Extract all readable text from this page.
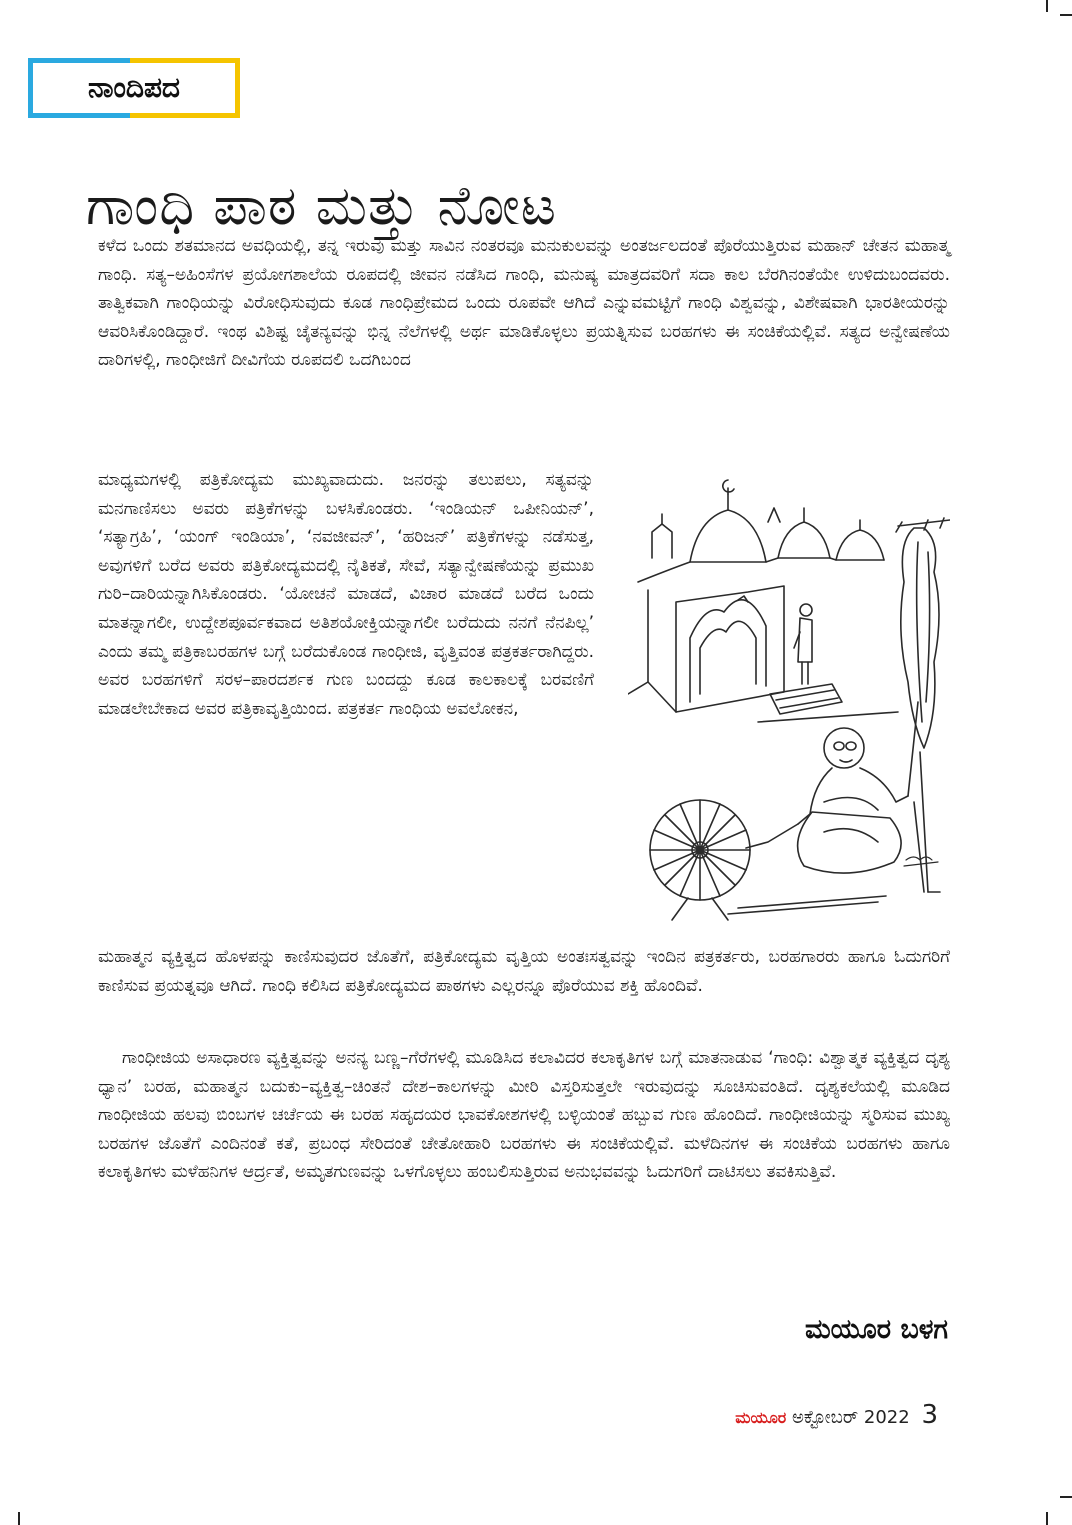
ನಾಂದಿಪದ
ಗಾಂಧಿ ಪಾಠ ಮತ್ತು ನೋಟ

ಕಳೆದ ಒಂದು ಶತಮಾನದ ಅವಧಿಯಲ್ಲಿ, ತನ್ನ ಇರುವು ಮತ್ತು ಸಾವಿನ ನಂತರವೂ ಮನುಕುಲವನ್ನು ಅಂತರ್ಜಲದಂತೆ ಪೊರೆಯುತ್ತಿರುವ ಮಹಾನ್ ಚೇತನ ಮಹಾತ್ಮ ಗಾಂಧಿ. ಸತ್ಯ–ಅಹಿಂಸೆಗಳ ಪ್ರಯೋಗಶಾಲೆಯ ರೂಪದಲ್ಲಿ ಜೀವನ ನಡೆಸಿದ ಗಾಂಧಿ, ಮನುಷ್ಯ ಮಾತ್ರದವರಿಗೆ ಸದಾ ಕಾಲ ಬೆರಗಿನಂತೆಯೇ ಉಳಿದುಬಂದವರು. ತಾತ್ವಿಕವಾಗಿ ಗಾಂಧಿಯನ್ನು ವಿರೋಧಿಸುವುದು ಕೂಡ ಗಾಂಧಿಪ್ರೇಮದ ಒಂದು ರೂಪವೇ ಆಗಿದೆ ಎನ್ನುವಮಟ್ಟಿಗೆ ಗಾಂಧಿ ವಿಶ್ವವನ್ನು, ವಿಶೇಷವಾಗಿ ಭಾರತೀಯರನ್ನು ಆವರಿಸಿಕೊಂಡಿದ್ದಾರೆ. ಇಂಥ ವಿಶಿಷ್ಟ ಚೈತನ್ಯವನ್ನು ಭಿನ್ನ ನೆಲೆಗಳಲ್ಲಿ ಅರ್ಥ ಮಾಡಿಕೊಳ್ಳಲು ಪ್ರಯತ್ನಿಸುವ ಬರಹಗಳು ಈ ಸಂಚಿಕೆಯಲ್ಲಿವೆ. ಸತ್ಯದ ಅನ್ವೇಷಣೆಯ ದಾರಿಗಳಲ್ಲಿ, ಗಾಂಧೀಜಿಗೆ ದೀವಿಗೆಯ ರೂಪದಲಿ ಒದಗಿಬಂದ

ಮಾಧ್ಯಮಗಳಲ್ಲಿ ಪತ್ರಿಕೋದ್ಯಮ ಮುಖ್ಯವಾದುದು. ಜನರನ್ನು ತಲುಪಲು, ಸತ್ಯವನ್ನು ಮನಗಾಣಿಸಲು ಅವರು ಪತ್ರಿಕೆಗಳನ್ನು ಬಳಸಿಕೊಂಡರು. ‘ಇಂಡಿಯನ್ ಒಪೀನಿಯನ್’, ‘ಸತ್ಯಾಗ್ರಹಿ’, ‘ಯಂಗ್ ಇಂಡಿಯಾ’, ‘ನವಜೀವನ್’, ‘ಹರಿಜನ್’ ಪತ್ರಿಕೆಗಳನ್ನು ನಡೆಸುತ್ತ, ಅವುಗಳಿಗೆ ಬರೆದ ಅವರು ಪತ್ರಿಕೋದ್ಯಮದಲ್ಲಿ ನೈತಿಕತೆ, ಸೇವೆ, ಸತ್ಯಾನ್ವೇಷಣೆಯನ್ನು ಪ್ರಮುಖ ಗುರಿ–ದಾರಿಯನ್ನಾಗಿಸಿಕೊಂಡರು. ‘ಯೋಚನೆ ಮಾಡದೆ, ವಿಚಾರ ಮಾಡದೆ ಬರೆದ ಒಂದು ಮಾತನ್ನಾಗಲೀ, ಉದ್ದೇಶಪೂರ್ವಕವಾದ ಅತಿಶಯೋಕ್ತಿಯನ್ನಾಗಲೀ ಬರೆದುದು ನನಗೆ ನೆನಪಿಲ್ಲ’ ಎಂದು ತಮ್ಮ ಪತ್ರಿಕಾಬರಹಗಳ ಬಗ್ಗೆ ಬರೆದುಕೊಂಡ ಗಾಂಧೀಜಿ, ವೃತ್ತಿವಂತ ಪತ್ರಕರ್ತರಾಗಿದ್ದರು. ಅವರ ಬರಹಗಳಿಗೆ ಸರಳ–ಪಾರದರ್ಶಕ ಗುಣ ಬಂದದ್ದು ಕೂಡ ಕಾಲಕಾಲಕ್ಕೆ ಬರವಣಿಗೆ ಮಾಡಲೇಬೇಕಾದ ಅವರ ಪತ್ರಿಕಾವೃತ್ತಿಯಿಂದ. ಪತ್ರಕರ್ತ ಗಾಂಧಿಯ ಅವಲೋಕನ,

ಮಹಾತ್ಮನ ವ್ಯಕ್ತಿತ್ವದ ಹೊಳಪನ್ನು ಕಾಣಿಸುವುದರ ಜೊತೆಗೆ, ಪತ್ರಿಕೋದ್ಯಮ ವೃತ್ತಿಯ ಅಂತಃಸತ್ವವನ್ನು ಇಂದಿನ ಪತ್ರಕರ್ತರು, ಬರಹಗಾರರು ಹಾಗೂ ಓದುಗರಿಗೆ ಕಾಣಿಸುವ ಪ್ರಯತ್ನವೂ ಆಗಿದೆ. ಗಾಂಧಿ ಕಲಿಸಿದ ಪತ್ರಿಕೋದ್ಯಮದ ಪಾಠಗಳು ಎಲ್ಲರನ್ನೂ ಪೊರೆಯುವ ಶಕ್ತಿ ಹೊಂದಿವೆ.

ಗಾಂಧೀಜಿಯ ಅಸಾಧಾರಣ ವ್ಯಕ್ತಿತ್ವವನ್ನು ಅನನ್ಯ ಬಣ್ಣ–ಗೆರೆಗಳಲ್ಲಿ ಮೂಡಿಸಿದ ಕಲಾವಿದರ ಕಲಾಕೃತಿಗಳ ಬಗ್ಗೆ ಮಾತನಾಡುವ ‘ಗಾಂಧಿ: ವಿಶ್ವಾತ್ಮಕ ವ್ಯಕ್ತಿತ್ವದ ದೃಶ್ಯ ಧ್ಯಾನ’ ಬರಹ, ಮಹಾತ್ಮನ ಬದುಕು–ವ್ಯಕ್ತಿತ್ವ–ಚಿಂತನೆ ದೇಶ–ಕಾಲಗಳನ್ನು ಮೀರಿ ವಿಸ್ತರಿಸುತ್ತಲೇ ಇರುವುದನ್ನು ಸೂಚಿಸುವಂತಿದೆ. ದೃಶ್ಯಕಲೆಯಲ್ಲಿ ಮೂಡಿದ ಗಾಂಧೀಜಿಯ ಹಲವು ಬಿಂಬಗಳ ಚರ್ಚೆಯ ಈ ಬರಹ ಸಹೃದಯರ ಭಾವಕೋಶಗಳಲ್ಲಿ ಬಳ್ಳಿಯಂತೆ ಹಬ್ಬುವ ಗುಣ ಹೊಂದಿದೆ. ಗಾಂಧೀಜಿಯನ್ನು ಸ್ಮರಿಸುವ ಮುಖ್ಯ ಬರಹಗಳ ಜೊತೆಗೆ ಎಂದಿನಂತೆ ಕತೆ, ಪ್ರಬಂಧ ಸೇರಿದಂತೆ ಚೇತೋಹಾರಿ ಬರಹಗಳು ಈ ಸಂಚಿಕೆಯಲ್ಲಿವೆ. ಮಳೆದಿನಗಳ ಈ ಸಂಚಿಕೆಯ ಬರಹಗಳು ಹಾಗೂ ಕಲಾಕೃತಿಗಳು ಮಳೆಹನಿಗಳ ಆರ್ದ್ರತೆ, ಅಮೃತಗುಣವನ್ನು ಒಳಗೊಳ್ಳಲು ಹಂಬಲಿಸುತ್ತಿರುವ ಅನುಭವವನ್ನು ಓದುಗರಿಗೆ ದಾಟಿಸಲು ತವಕಿಸುತ್ತಿವೆ.

ಮಯೂರ ಬಳಗ
ಮಯೂರ ಅಕ್ಟೋಬರ್ 2022 3
